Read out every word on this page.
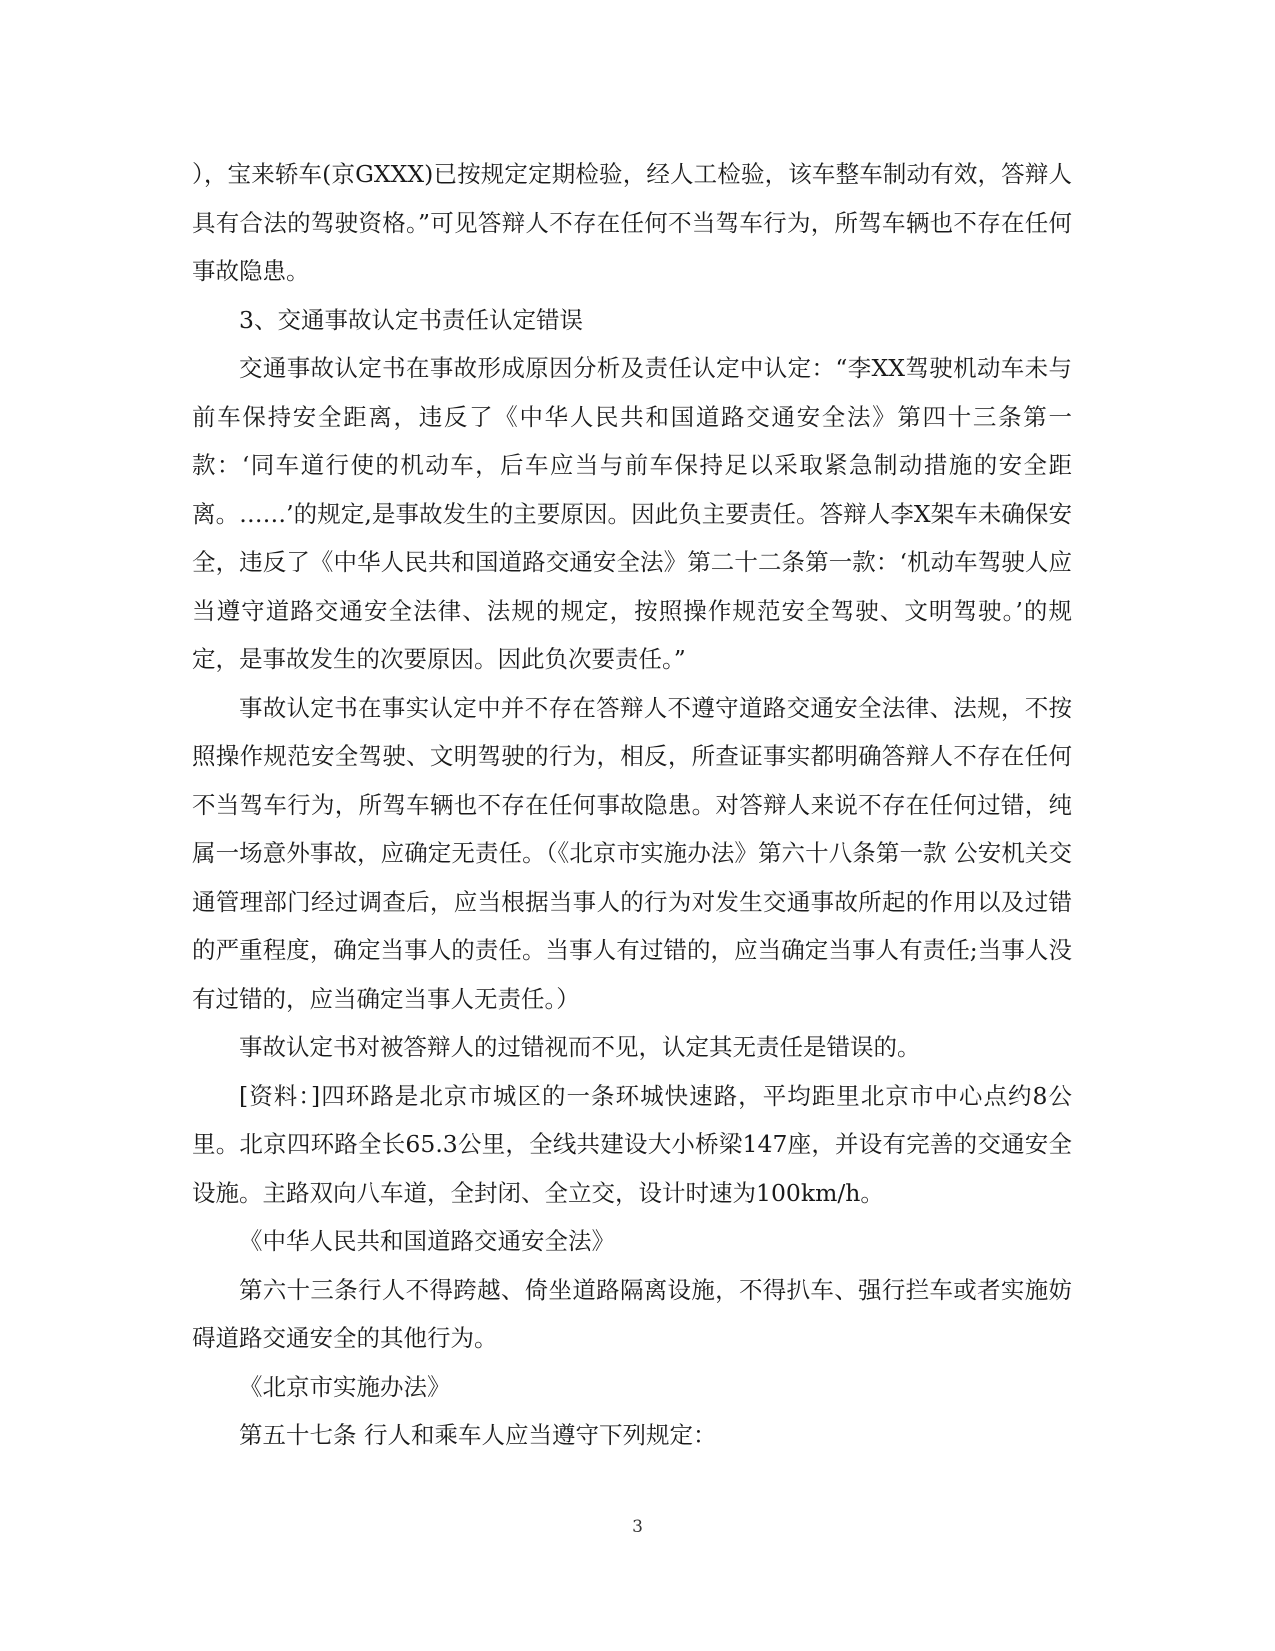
），宝来轿车(京GXXX)已按规定定期检验，经人工检验，该车整车制动有效，答辩人具有合法的驾驶资格。”可见答辩人不存在任何不当驾车行为，所驾车辆也不存在任何事故隐患。

3、交通事故认定书责任认定错误

交通事故认定书在事故形成原因分析及责任认定中认定：“李XX驾驶机动车未与前车保持安全距离，违反了《中华人民共和国道路交通安全法》第四十三条第一款：‘同车道行使的机动车，后车应当与前车保持足以采取紧急制动措施的安全距离。……’的规定,是事故发生的主要原因。因此负主要责任。答辩人李X架车未确保安全，违反了《中华人民共和国道路交通安全法》第二十二条第一款：‘机动车驾驶人应当遵守道路交通安全法律、法规的规定，按照操作规范安全驾驶、文明驾驶。’的规定，是事故发生的次要原因。因此负次要责任。”

事故认定书在事实认定中并不存在答辩人不遵守道路交通安全法律、法规，不按照操作规范安全驾驶、文明驾驶的行为，相反，所查证事实都明确答辩人不存在任何不当驾车行为，所驾车辆也不存在任何事故隐患。对答辩人来说不存在任何过错，纯属一场意外事故，应确定无责任。（《北京市实施办法》第六十八条第一款 公安机关交通管理部门经过调查后，应当根据当事人的行为对发生交通事故所起的作用以及过错的严重程度，确定当事人的责任。当事人有过错的，应当确定当事人有责任;当事人没有过错的，应当确定当事人无责任。）

事故认定书对被答辩人的过错视而不见，认定其无责任是错误的。

[资料：]四环路是北京市城区的一条环城快速路，平均距里北京市中心点约8公里。北京四环路全长65.3公里，全线共建设大小桥梁147座，并设有完善的交通安全设施。主路双向八车道，全封闭、全立交，设计时速为100km/h。

《中华人民共和国道路交通安全法》

第六十三条行人不得跨越、倚坐道路隔离设施，不得扒车、强行拦车或者实施妨碍道路交通安全的其他行为。

《北京市实施办法》

第五十七条 行人和乘车人应当遵守下列规定：

3
